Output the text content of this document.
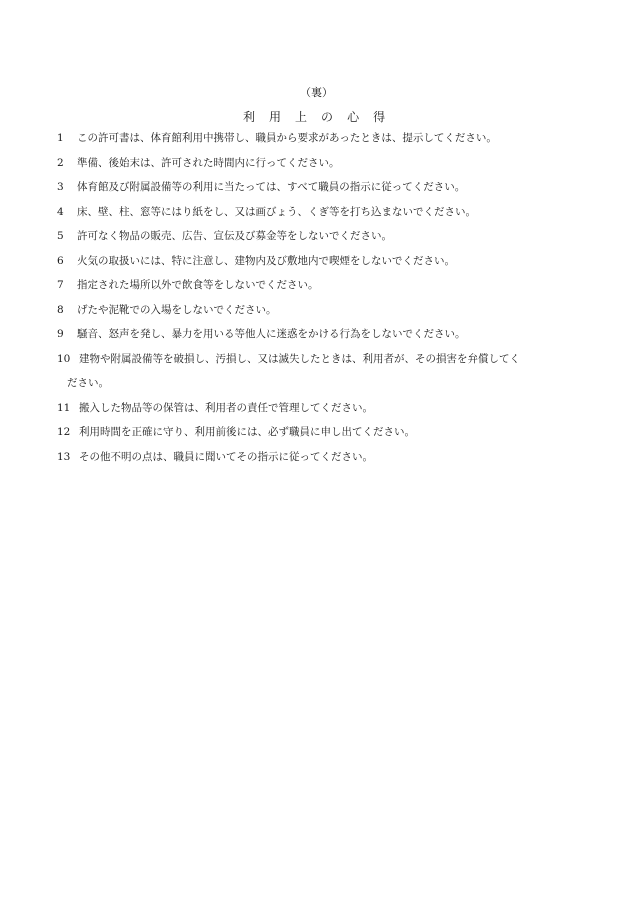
（裏）
利 用 上 の 心 得
1	この許可書は、体育館利用中携帯し、職員から要求があったときは、提示してください。
2	準備、後始末は、許可された時間内に行ってください。
3	体育館及び附属設備等の利用に当たっては、すべて職員の指示に従ってください。
4	床、壁、柱、窓等にはり紙をし、又は画びょう、くぎ等を打ち込まないでください。
5	許可なく物品の販売、広告、宣伝及び募金等をしないでください。
6	火気の取扱いには、特に注意し、建物内及び敷地内で喫煙をしないでください。
7	指定された場所以外で飲食等をしないでください。
8	げたや泥靴での入場をしないでください。
9	騒音、怒声を発し、暴力を用いる等他人に迷惑をかける行為をしないでください。
10 建物や附属設備等を破損し、汚損し、又は滅失したときは、利用者が、その損害を弁償してく
ださい。
11 搬入した物品等の保管は、利用者の責任で管理してください。
12 利用時間を正確に守り、利用前後には、必ず職員に申し出てください。
13 その他不明の点は、職員に聞いてその指示に従ってください。
